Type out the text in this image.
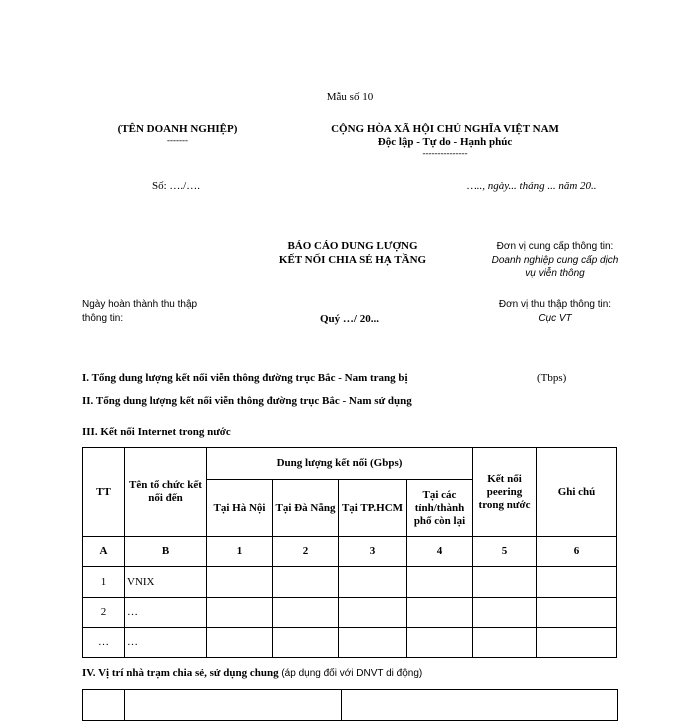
Mẫu số 10
(TÊN DOANH NGHIỆP)
-------
CỘNG HÒA XÃ HỘI CHỦ NGHĨA VIỆT NAM
Độc lập - Tự do - Hạnh phúc
---------------
Số: …./….	….., ngày... tháng ... năm 20..
BÁO CÁO DUNG LƯỢNG
KẾT NỐI CHIA SẺ HẠ TẦNG
Đơn vị cung cấp thông tin:
Doanh nghiệp cung cấp dịch
vụ viễn thông
Ngày hoàn thành thu thập
thông tin:	Quý …/ 20...
Đơn vị thu thập thông tin:
Cục VT
I. Tổng dung lượng kết nối viễn thông đường trục Bắc - Nam trang bị	(Tbps)
II. Tổng dung lượng kết nối viễn thông đường trục Bắc - Nam sử dụng
III. Kết nối Internet trong nước
TT	Tên tổ chức kết nối đến	Dung lượng kết nối (Gbps)				Kết nối peering trong nước	Ghi chú
		Tại Hà Nội	Tại Đà Nẵng	Tại TP.HCM	Tại các tỉnh/thành phố còn lại		
A	B	1	2	3	4	5	6
1	VNIX						
2	…						
…	…						
IV. Vị trí nhà trạm chia sẻ, sử dụng chung (áp dụng đối với DNVT di động)
